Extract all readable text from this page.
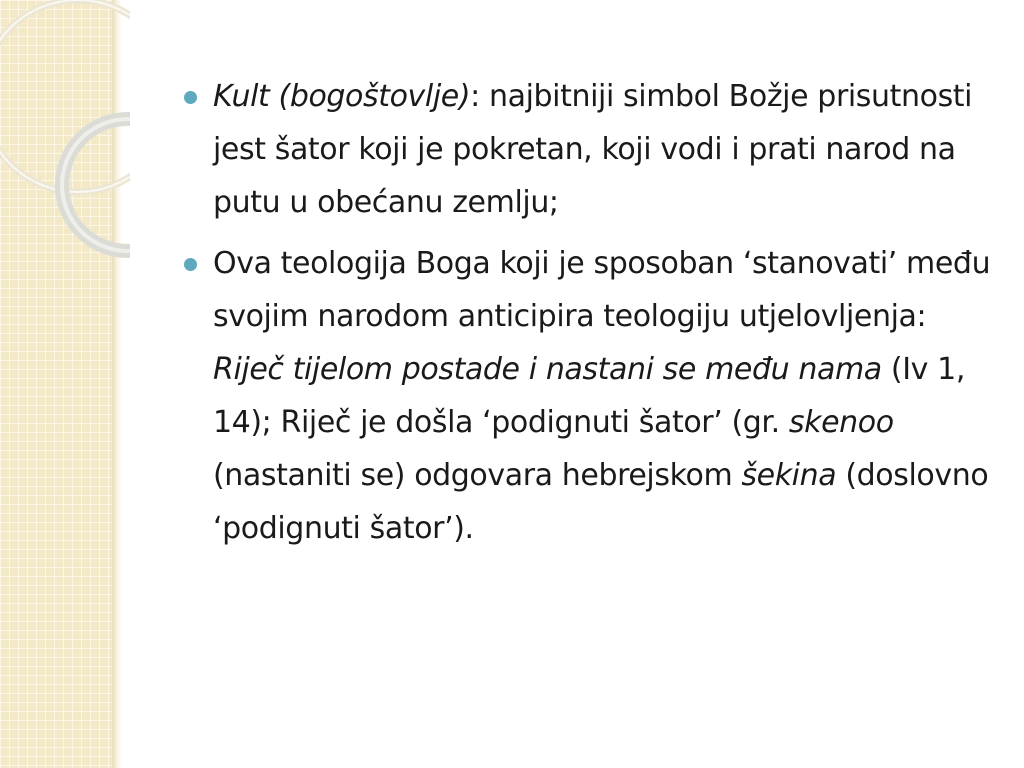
Kult (bogoštovlje): najbitniji simbol Božje prisutnosti jest šator koji je pokretan, koji vodi i prati narod na putu u obećanu zemlju;
Ova teologija Boga koji je sposoban ‘stanovati’ među svojim narodom anticipira teologiju utjelovljenja: Riječ tijelom postade i nastani se među nama (Iv 1, 14); Riječ je došla ‘podignuti šator’ (gr. skenoo (nastaniti se) odgovara hebrejskom šekina (doslovno ‘podignuti šator’).
